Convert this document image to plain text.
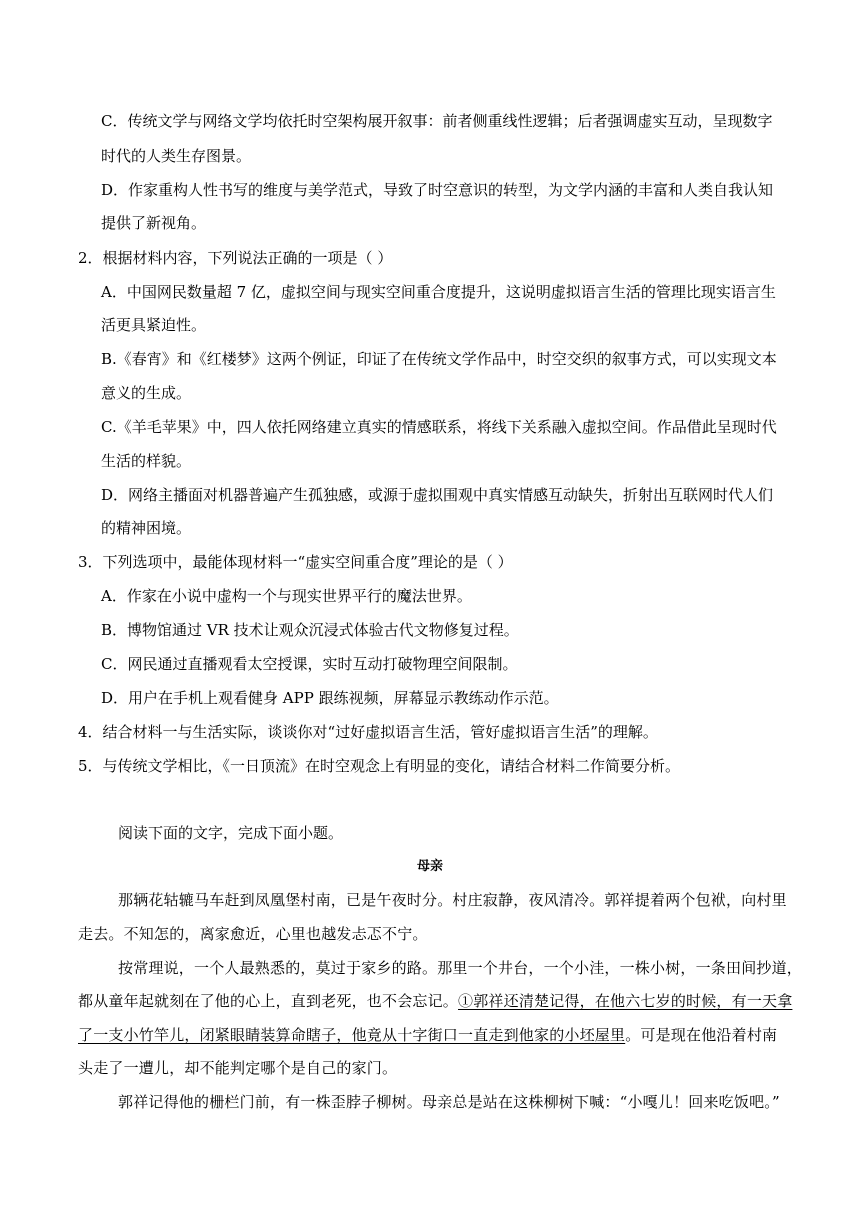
C．传统文学与网络文学均依托时空架构展开叙事：前者侧重线性逻辑；后者强调虚实互动，呈现数字
时代的人类生存图景。
D．作家重构人性书写的维度与美学范式，导致了时空意识的转型，为文学内涵的丰富和人类自我认知
提供了新视角。
2．根据材料内容，下列说法正确的一项是（ ）
A．中国网民数量超 7 亿，虚拟空间与现实空间重合度提升，这说明虚拟语言生活的管理比现实语言生
活更具紧迫性。
B.《春宵》和《红楼梦》这两个例证，印证了在传统文学作品中，时空交织的叙事方式，可以实现文本
意义的生成。
C.《羊毛苹果》中，四人依托网络建立真实的情感联系，将线下关系融入虚拟空间。作品借此呈现时代
生活的样貌。
D．网络主播面对机器普遍产生孤独感，或源于虚拟围观中真实情感互动缺失，折射出互联网时代人们
的精神困境。
3．下列选项中，最能体现材料一“虚实空间重合度”理论的是（ ）
A．作家在小说中虚构一个与现实世界平行的魔法世界。
B．博物馆通过 VR 技术让观众沉浸式体验古代文物修复过程。
C．网民通过直播观看太空授课，实时互动打破物理空间限制。
D．用户在手机上观看健身 APP 跟练视频，屏幕显示教练动作示范。
4．结合材料一与生活实际，谈谈你对“过好虚拟语言生活，管好虚拟语言生活”的理解。
5．与传统文学相比，《一日顶流》在时空观念上有明显的变化，请结合材料二作简要分析。
阅读下面的文字，完成下面小题。
母亲
那辆花轱辘马车赶到凤凰堡村南，已是午夜时分。村庄寂静，夜风清冷。郭祥提着两个包袱，向村里
走去。不知怎的，离家愈近，心里也越发忐忑不宁。
按常理说，一个人最熟悉的，莫过于家乡的路。那里一个井台，一个小洼，一株小树，一条田间抄道，
都从童年起就刻在了他的心上，直到老死，也不会忘记。①郭祥还清楚记得，在他六七岁的时候，有一天拿
了一支小竹竿儿，闭紧眼睛装算命瞎子，他竟从十字街口一直走到他家的小坯屋里。可是现在他沿着村南
头走了一遭儿，却不能判定哪个是自己的家门。
郭祥记得他的栅栏门前，有一株歪脖子柳树。母亲总是站在这株柳树下喊：“小嘎儿！回来吃饭吧。”
